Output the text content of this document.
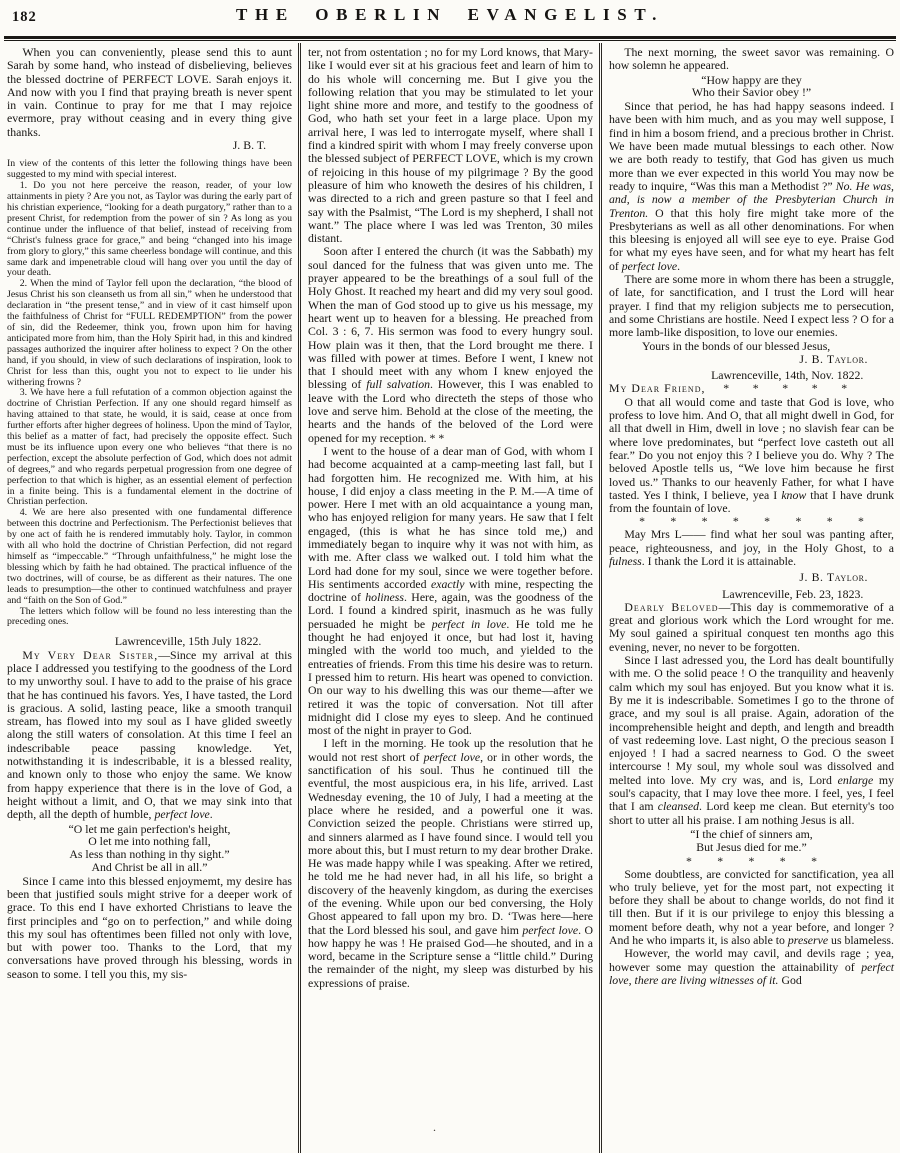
182	THE OBERLIN EVANGELIST.

When you can conveniently, please send this to aunt Sarah by some hand, who instead of disbelieving, believes the blessed doctrine of PERFECT LOVE. Sarah enjoys it. And now with you I find that praying breath is never spent in vain. Continue to pray for me that I may rejoice evermore, pray without ceasing and in every thing give thanks.

J. B. T.

In view of the contents of this letter the following things have been suggested to my mind with special interest.

1. Do you not here perceive the reason, reader, of your low attainments in piety ? Are you not, as Taylor was during the early part of his christian experience, “looking for a death purgatory,” rather than to a present Christ, for redemption from the power of sin ? As long as you continue under the influence of that belief, instead of receiving from “Christ's fulness grace for grace,” and being “changed into his image from glory to glory,” this same cheerless bondage will continue, and this same dark and impenetrable cloud will hang over you until the day of your death.

2. When the mind of Taylor fell upon the declaration, “the blood of Jesus Christ his son cleanseth us from all sin,” when he understood that declaration in “the present tense,” and in view of it cast himself upon the faithfulness of Christ for “FULL REDEMPTION” from the power of sin, did the Redeemer, think you, frown upon him for having anticipated more from him, than the Holy Spirit had, in this and kindred passages authorized the inquirer after holiness to expect ? On the other hand, if you should, in view of such declarations of inspiration, look to Christ for less than this, ought you not to expect to lie under his withering frowns ?

3. We have here a full refutation of a common objection against the doctrine of Christian Perfection. If any one should regard himself as having attained to that state, he would, it is said, cease at once from further efforts after higher degrees of holiness. Upon the mind of Taylor, this belief as a matter of fact, had precisely the opposite effect. Such must be its influence upon every one who believes “that there is no perfection, except the absolute perfection of God, which does not admit of degrees,” and who regards perpetual progression from one degree of perfection to that which is higher, as an essential element of perfection in a finite being. This is a fundamental element in the doctrine of Christian perfection.

4. We are here also presented with one fundamental difference between this doctrine and Perfectionism. The Perfectionist believes that by one act of faith he is rendered immutably holy. Taylor, in common with all who hold the doctrine of Christian Perfection, did not regard himself as “impeccable.” “Through unfaithfulness,” he might lose the blessing which by faith he had obtained. The practical influence of the two doctrines, will of course, be as different as their natures. The one leads to presumption—the other to continued watchfulness and prayer and “faith on the Son of God.”

The letters which follow will be found no less interesting than the preceding ones.

Lawrenceville, 15th July 1822.

My Very Dear Sister,—Since my arrival at this place I addressed you testifying to the goodness of the Lord to my unworthy soul. I have to add to the praise of his grace that he has continued his favors. Yes, I have tasted, the Lord is gracious. A solid, lasting peace, like a smooth tranquil stream, has flowed into my soul as I have glided sweetly along the still waters of consolation. At this time I feel an indescribable peace passing knowledge. Yet, notwithstanding it is indescribable, it is a blessed reality, and known only to those who enjoy the same. We know from happy experience that there is in the love of God, a height without a limit, and O, that we may sink into that depth, all the depth of humble, perfect love.

“O let me gain perfection's height,
O let me into nothing fall,
As less than nothing in thy sight.”
And Christ be all in all.”

Since I came into this blessed enjoymemt, my desire has been that justified souls might strive for a deeper work of grace. To this end I have exhorted Christians to leave the first principles and “go on to perfection,” and while doing this my soul has oftentimes been filled not only with love, but with power too. Thanks to the Lord, that my conversations have proved through his blessing, words in season to some. I tell you this, my sis-

ter, not from ostentation ; no for my Lord knows, that Mary-like I would ever sit at his gracious feet and learn of him to do his whole will concerning me. But I give you the following relation that you may be stimulated to let your light shine more and more, and testify to the goodness of God, who hath set your feet in a large place. Upon my arrival here, I was led to interrogate myself, where shall I find a kindred spirit with whom I may freely converse upon the blessed subject of PERFECT LOVE, which is my crown of rejoicing in this house of my pilgrimage ? By the good pleasure of him who knoweth the desires of his children, I was directed to a rich and green pasture so that I feel and say with the Psalmist, “The Lord is my shepherd, I shall not want.” The place where I was led was Trenton, 30 miles distant.

Soon after I entered the church (it was the Sabbath) my soul danced for the fulness that was given unto me. The prayer appeared to be the breathings of a soul full of the Holy Ghost. It reached my heart and did my very soul good. When the man of God stood up to give us his message, my heart went up to heaven for a blessing. He preached from Col. 3 : 6, 7. His sermon was food to every hungry soul. How plain was it then, that the Lord brought me there. I was filled with power at times. Before I went, I knew not that I should meet with any whom I knew enjoyed the blessing of full salvation. However, this I was enabled to leave with the Lord who directeth the steps of those who love and serve him. Behold at the close of the meeting, the hearts and the hands of the beloved of the Lord were opened for my reception. * *

I went to the house of a dear man of God, with whom I had become acquainted at a camp-meeting last fall, but I had forgotten him. He recognized me. With him, at his house, I did enjoy a class meeting in the P. M.—A time of power. Here I met with an old acquaintance a young man, who has enjoyed religion for many years. He saw that I felt engaged, (this is what he has since told me,) and immediately began to inquire why it was not with him, as with me. After class we walked out. I told him what the Lord had done for my soul, since we were together before. His sentiments accorded exactly with mine, respecting the doctrine of holiness. Here, again, was the goodness of the Lord. I found a kindred spirit, inasmuch as he was fully persuaded he might be perfect in love. He told me he thought he had enjoyed it once, but had lost it, having mingled with the world too much, and yielded to the entreaties of friends. From this time his desire was to return. I pressed him to return. His heart was opened to conviction. On our way to his dwelling this was our theme—after we retired it was the topic of conversation. Not till after midnight did I close my eyes to sleep. And he continued most of the night in prayer to God.

I left in the morning. He took up the resolution that he would not rest short of perfect love, or in other words, the sanctification of his soul. Thus he continued till the eventful, the most auspicious era, in his life, arrived. Last Wednesday evening, the 10 of July, I had a meeting at the place where he resided, and a powerful one it was. Conviction seized the people. Christians were stirred up, and sinners alarmed as I have found since. I would tell you more about this, but I must return to my dear brother Drake. He was made happy while I was speaking. After we retired, he told me he had never had, in all his life, so bright a discovery of the heavenly kingdom, as during the exercises of the evening. While upon our bed conversing, the Holy Ghost appeared to fall upon my bro. D. ‘Twas here—here that the Lord blessed his soul, and gave him perfect love. O how happy he was ! He praised God—he shouted, and in a word, became in the Scripture sense a “little child.” During the remainder of the night, my sleep was disturbed by his expressions of praise.

The next morning, the sweet savor was remaining. O how solemn he appeared.

“How happy are they
Who their Savior obey !”

Since that period, he has had happy seasons indeed. I have been with him much, and as you may well suppose, I find in him a bosom friend, and a precious brother in Christ. We have been made mutual blessings to each other. Now we are both ready to testify, that God has given us much more than we ever expected in this world You may now be ready to inquire, “Was this man a Methodist ?” No. He was, and, is now a member of the Presbyterian Church in Trenton. O that this holy fire might take more of the Presbyterians as well as all other denominations. For when this bleesing is enjoyed all will see eye to eye. Praise God for what my eyes have seen, and for what my heart has felt of perfect love.

There are some more in whom there has been a struggle, of late, for sanctification, and I trust the Lord will hear prayer. I find that my religion subjects me to persecution, and some Christians are hostile. Need I expect less ? O for a more lamb-like disposition, to love our enemies.

Yours in the bonds of our blessed Jesus,

J. B. Taylor.

Lawrenceville, 14th, Nov. 1822.

My Dear Friend,  *  *  *  *  *

O that all would come and taste that God is love, who profess to love him. And O, that all might dwell in God, for all that dwell in Him, dwell in love ; no slavish fear can be where love predominates, but “perfect love casteth out all fear.” Do you not enjoy this ? I believe you do. Why ? The beloved Apostle tells us, “We love him because he first loved us.” Thanks to our heavenly Father, for what I have tasted. Yes I think, I believe, yea I know that I have drunk from the fountain of love.

* * * * * * * *

May Mrs L—— find what her soul was panting after, peace, righteousness, and joy, in the Holy Ghost, to a fulness. I thank the Lord it is attainable.

J. B. Taylor.

Lawrenceville, Feb. 23, 1823.

Dearly Beloved—This day is commemorative of a great and glorious work which the Lord wrought for me. My soul gained a spiritual conquest ten months ago this evening, never, no never to be forgotten.

Since I last adressed you, the Lord has dealt bountifully with me. O the solid peace ! O the tranquility and heavenly calm which my soul has enjoyed. But you know what it is. By me it is indescribable. Sometimes I go to the throne of grace, and my soul is all praise. Again, adoration of the incomprehensible height and depth, and length and breadth of vast redeeming love. Last night, O the precious season I enjoyed ! I had a sacred nearness to God. O the sweet intercourse ! My soul, my whole soul was dissolved and melted into love. My cry was, and is, Lord enlarge my soul's capacity, that I may love thee more. I feel, yes, I feel that I am cleansed. Lord keep me clean. But eternity's too short to utter all his praise. I am nothing Jesus is all.

“I the chief of sinners am,
But Jesus died for me.”

* * * * *

Some doubtless, are convicted for sanctification, yea all who truly believe, yet for the most part, not expecting it before they shall be about to change worlds, do not find it till then. But if it is our privilege to enjoy this blessing a moment before death, why not a year before, and longer ? And he who imparts it, is also able to preserve us blameless.

However, the world may cavil, and devils rage ; yea, however some may question the attainability of perfect love, there are living witnesses of it. God

.
